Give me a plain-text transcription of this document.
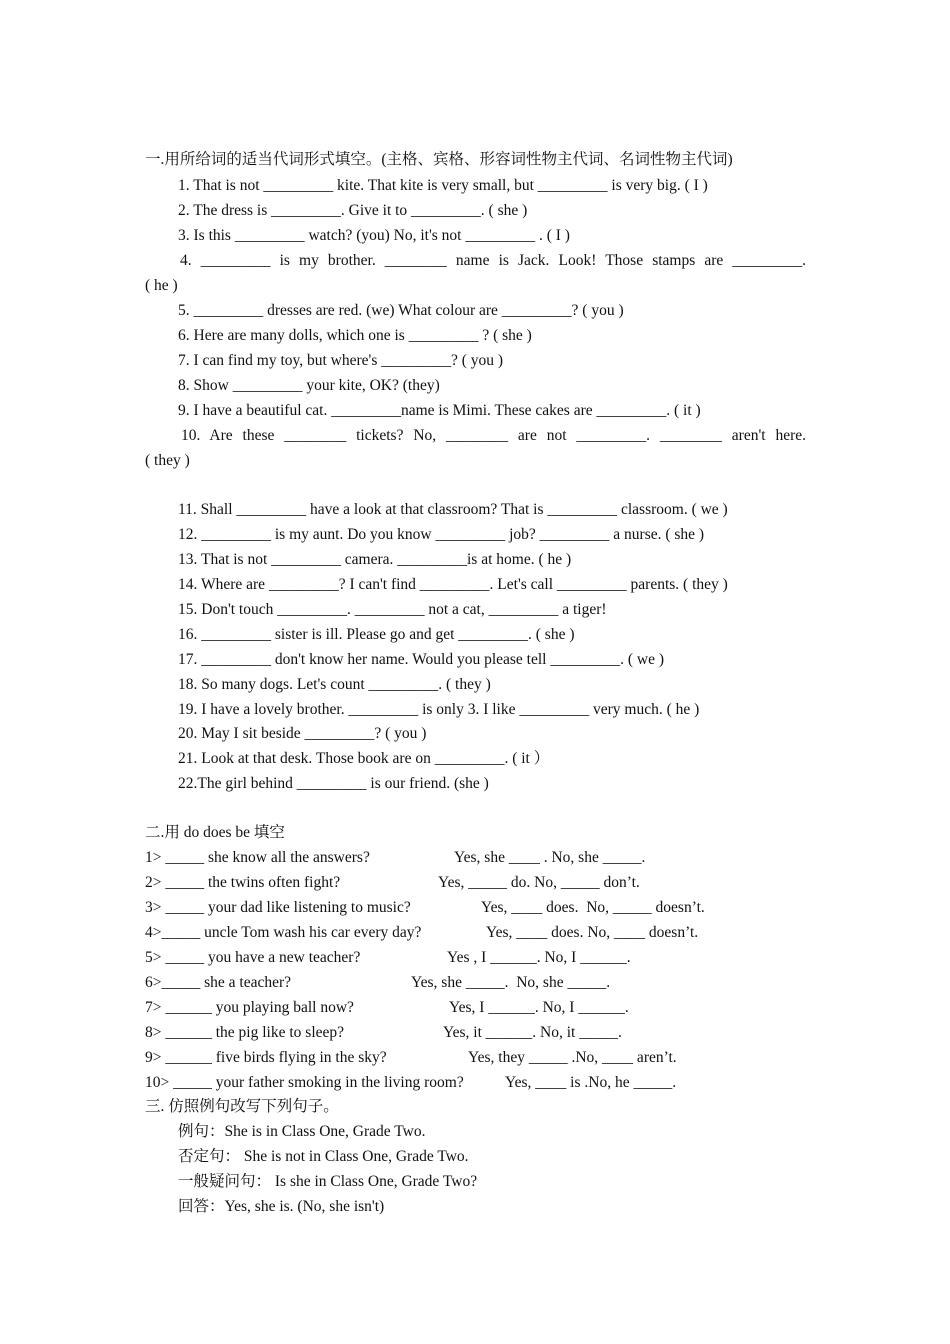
一.用所给词的适当代词形式填空。(主格、宾格、形容词性物主代词、名词性物主代词)
1. That is not _________ kite. That kite is very small, but _________ is very big. ( I )
2. The dress is _________. Give it to _________. ( she )
3. Is this _________ watch? (you) No, it's not _________ . ( I )
4. _________ is my brother. ________ name is Jack. Look! Those stamps are _________.
( he )
5. _________ dresses are red. (we) What colour are _________? ( you )
6. Here are many dolls, which one is _________ ? ( she )
7. I can find my toy, but where's _________? ( you )
8. Show _________ your kite, OK? (they)
9. I have a beautiful cat. _________name is Mimi. These cakes are _________. ( it )
10. Are these ________ tickets? No, ________ are not _________. ________ aren't here.
( they )
11. Shall _________ have a look at that classroom? That is _________ classroom. ( we )
12. _________ is my aunt. Do you know _________ job? _________ a nurse. ( she )
13. That is not _________ camera. _________is at home. ( he )
14. Where are _________? I can't find _________. Let's call _________ parents. ( they )
15. Don't touch _________. _________ not a cat, _________ a tiger!
16. _________ sister is ill. Please go and get _________. ( she )
17. _________ don't know her name. Would you please tell _________. ( we )
18. So many dogs. Let's count _________. ( they )
19. I have a lovely brother. _________ is only 3. I like _________ very much. ( he )
20. May I sit beside _________? ( you )
21. Look at that desk. Those book are on _________. ( it ）
22.The girl behind _________ is our friend. (she )
二.用 do does be 填空
1> _____ she know all the answers?	Yes, she ____ . No, she _____.
2> _____ the twins often fight?	Yes, _____ do. No, _____ don’t.
3> _____ your dad like listening to music?	Yes, ____ does.  No, _____ doesn’t.
4>_____ uncle Tom wash his car every day?	Yes, ____ does. No, ____ doesn’t.
5> _____ you have a new teacher?	Yes , I ______. No, I ______.
6>_____ she a teacher?	Yes, she _____.  No, she _____.
7> ______ you playing ball now?	Yes, I ______. No, I ______.
8> ______ the pig like to sleep?	Yes, it ______. No, it _____.
9> ______ five birds flying in the sky?	Yes, they _____ .No, ____ aren’t.
10> _____ your father smoking in the living room?	Yes, ____ is .No, he _____.
三. 仿照例句改写下列句子。
例句：She is in Class One, Grade Two.
否定句： She is not in Class One, Grade Two.
一般疑问句： Is she in Class One, Grade Two?
回答：Yes, she is. (No, she isn't)
